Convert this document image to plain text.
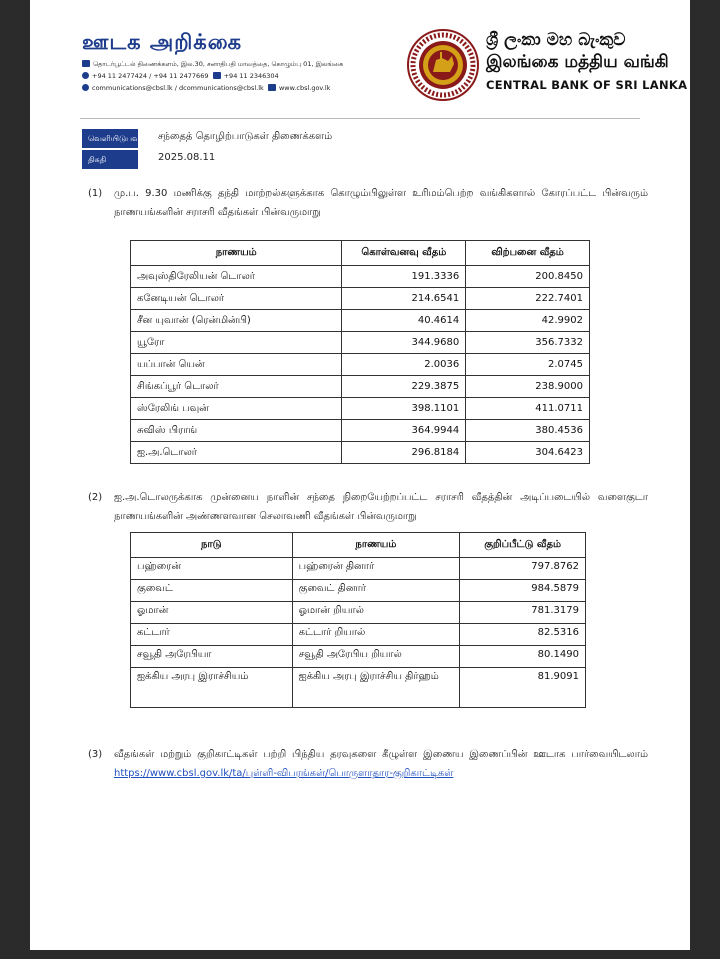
ஊடக அறிக்கை
தொடர்பூட்டல் திணைக்களம், இல.30, சனாதிபதி மாவத்தை, கொழும்பு 01, இலங்கை
+94 11 2477424 / +94 11 2477669 +94 11 2346304
communications@cbsl.lk / dcommunications@cbsl.lk www.cbsl.gov.lk
ශ්‍රී ලංකා මහ බැංකුව
இலங்கை மத்திய வங்கி
CENTRAL BANK OF SRI LANKA
வெளியிடுபவர் சந்தைத் தொழிற்பாடுகள் திணைக்களம்
திகதி	2025.08.11
(1) மு.ப. 9.30 மணிக்கு தந்தி மாற்றல்களுக்காக கொழும்பிலுள்ள உரிமம்பெற்ற வங்கிகளால் கோரப்பட்ட பின்வரும் நாணயங்களின் சராசரி வீதங்கள் பின்வருமாறு
நாணயம்	கொள்வனவு வீதம்	விற்பனை வீதம்
அவுஸ்திரேலியன் டொலர்	191.3336	200.8450
கனேடியன் டொலர்	214.6541	222.7401
சீன யுவான் (ரென்மின்பி)	40.4614	42.9902
யூரோ	344.9680	356.7332
யப்பான் யென்	2.0036	2.0745
சிங்கப்பூர் டொலர்	229.3875	238.9000
ஸ்ரேலிங் பவுன்	398.1101	411.0711
சுவிஸ் பிராங்	364.9944	380.4536
ஐ.அ.டொலர்	296.8184	304.6423
(2) ஐ.அ.டொலருக்காக முன்னைய நாளின் சந்தை நிறையேற்றப்பட்ட சராசரி வீதத்தின் அடிப்படையில் வளைகுடா நாணயங்களின் அண்ணளவான செலாவணி வீதங்கள் பின்வருமாறு
நாடு	நாணயம்	குறிப்பீட்டு வீதம்
பஹ்ரைன்	பஹ்ரைன் தினார்	797.8762
குவைட்	குவைட் தினார்	984.5879
ஓமான்	ஓமான் றியால்	781.3179
கட்டார்	கட்டார் றியால்	82.5316
சவூதி அரேபியா	சவூதி அரேபிய றியால்	80.1490
ஐக்கிய அரபு இராச்சியம்	ஐக்கிய அரபு இராச்சிய திர்ஹம்	81.9091
(3) வீதங்கள் மற்றும் குறிகாட்டிகள் பற்றி பிந்திய தரவுகளை கீழுள்ள இணைய இணைப்பின் ஊடாக பார்வையிடலாம் https://www.cbsl.gov.lk/ta/புள்ளி-விபரங்கள்/பொருளாதார-குறிகாட்டிகள்
